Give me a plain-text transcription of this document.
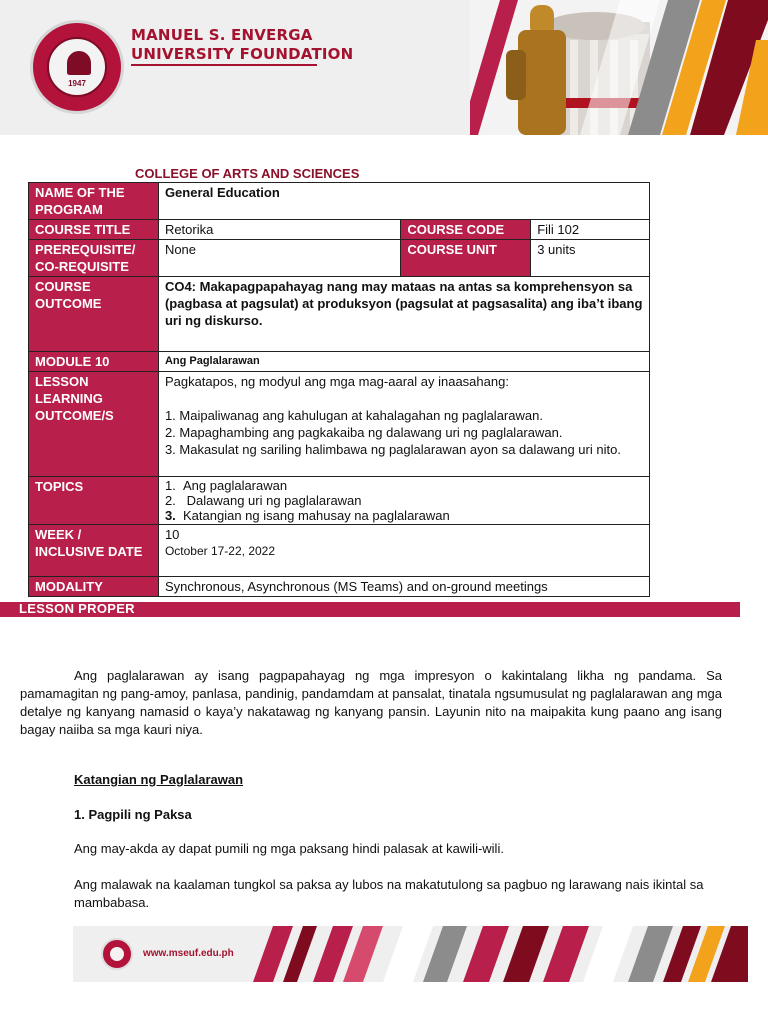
1947
MANUEL S. ENVERGA
UNIVERSITY FOUNDATION
COLLEGE OF ARTS AND SCIENCES
NAME OF THE PROGRAM	General Education		
COURSE TITLE	Retorika	COURSE CODE	Fili 102
PREREQUISITE/ CO-REQUISITE	None	COURSE UNIT	3 units
COURSE OUTCOME	CO4: Makapagpapahayag nang may mataas na antas sa komprehensyon sa (pagbasa at pagsulat) at produksyon (pagsulat at pagsasalita) ang iba’t ibang uri ng diskurso.		
MODULE 10	Ang Paglalarawan		
LESSON LEARNING OUTCOME/S	Pagkatapos, ng modyul ang mga mag-aaral ay inaasahang:
1. Maipaliwanag ang kahulugan at kahalagahan ng paglalarawan.
2. Mapaghambing ang pagkakaiba ng dalawang uri ng paglalarawan.
3. Makasulat ng sariling halimbawa ng paglalarawan ayon sa dalawang uri nito.		

TOPICS	1. Ang paglalarawan
2. Dalawang uri ng paglalarawan
3. Katangian ng isang mahusay na paglalarawan		

WEEK / INCLUSIVE DATE	10
October 17-22, 2022		

MODALITY	Synchronous, Asynchronous (MS Teams) and on-ground meetings		
LESSON PROPER
Ang paglalarawan ay isang pagpapahayag ng mga impresyon o kakintalang likha ng pandama. Sa pamamagitan ng pang-amoy, panlasa, pandinig, pandamdam at pansalat, tinatala ngsumusulat ng paglalarawan ang mga detalye ng kanyang namasid o kaya’y nakatawag ng kanyang pansin. Layunin nito na maipakita kung paano ang isang bagay naiiba sa mga kauri niya.
Katangian ng Paglalarawan
1. Pagpili ng Paksa
Ang may-akda ay dapat pumili ng mga paksang hindi palasak at kawili-wili.
Ang malawak na kaalaman tungkol sa paksa ay lubos na makatutulong sa pagbuo ng larawang nais ikintal sa mambabasa.
www.mseuf.edu.ph
